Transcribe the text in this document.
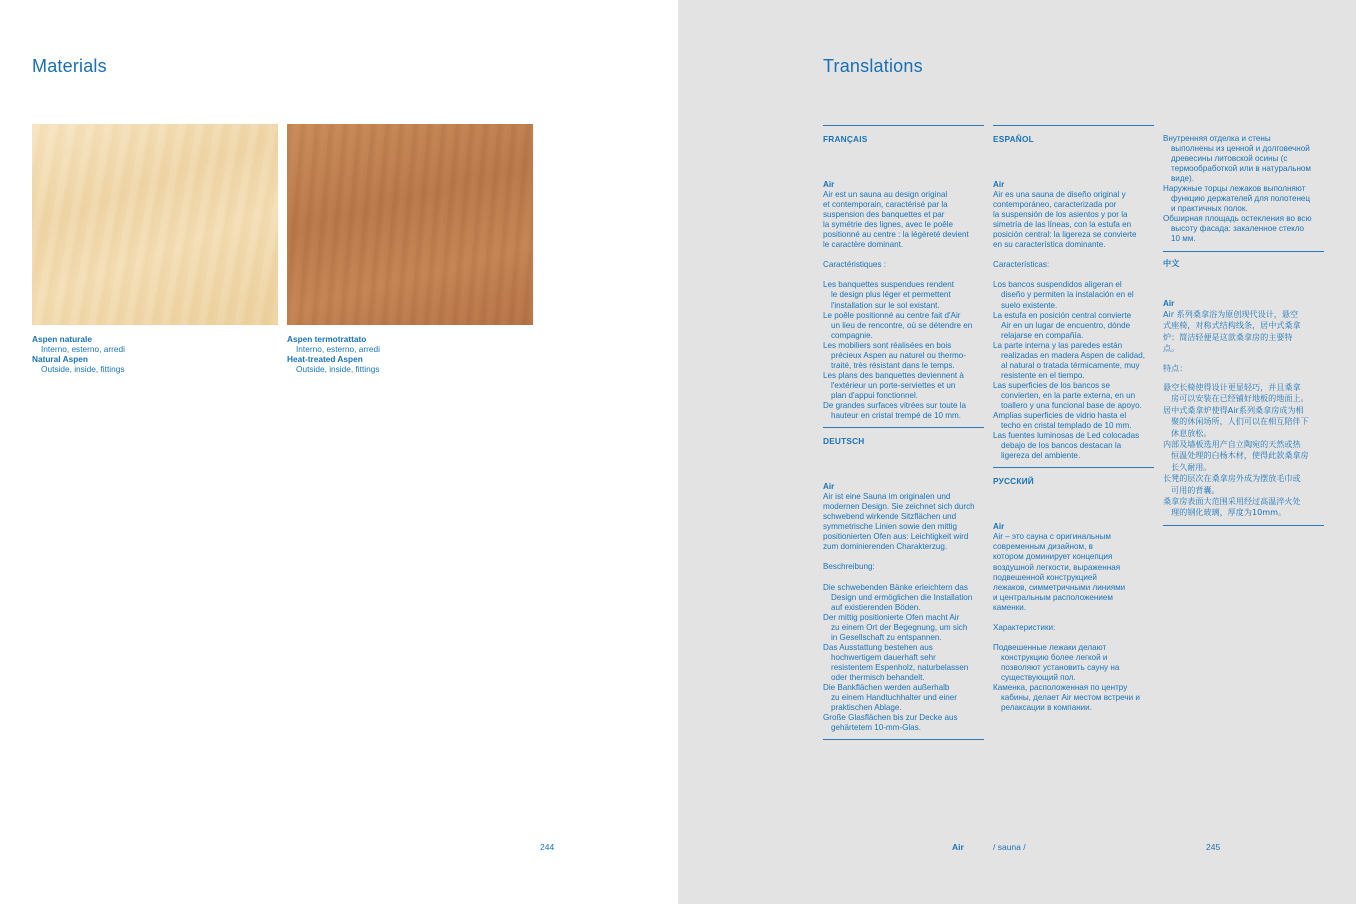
Materials
Aspen naturale
Interno, esterno, arredi
Natural Aspen
Outside, inside, fittings
Aspen termotrattato
Interno, esterno, arredi
Heat-treated Aspen
Outside, inside, fittings
244
Translations
FRANÇAIS
Air
Air est un sauna au design original
et contemporain, caractérisé par la
suspension des banquettes et par
la symétrie des lignes, avec le poêle
positionné au centre : la légèreté devient
le caractère dominant.
Caractéristiques :
Les banquettes suspendues rendent
le design plus léger et permettent
l'installation sur le sol existant.
Le poêle positionné au centre fait d'Air
un lieu de rencontre, où se détendre en
compagnie.
Les mobiliers sont réalisées en bois
précieux Aspen au naturel ou thermo-
traité, très résistant dans le temps.
Les plans des banquettes deviennent à
l'extérieur un porte-serviettes et un
plan d'appui fonctionnel.
De grandes surfaces vitrées sur toute la
hauteur en cristal trempé de 10 mm.
DEUTSCH
Air
Air ist eine Sauna im originalen und
modernen Design. Sie zeichnet sich durch
schwebend wirkende Sitzflächen und
symmetrische Linien sowie den mittig
positionierten Ofen aus: Leichtigkeit wird
zum dominierenden Charakterzug.
Beschreibung:
Die schwebenden Bänke erleichtern das
Design und ermöglichen die Installation
auf existierenden Böden.
Der mittig positionierte Ofen macht Air
zu einem Ort der Begegnung, um sich
in Gesellschaft zu entspannen.
Das Ausstattung bestehen aus
hochwertigem dauerhaft sehr
resistentem Espenholz, naturbelassen
oder thermisch behandelt.
Die Bankflächen werden außerhalb
zu einem Handtuchhalter und einer
praktischen Ablage.
Große Glasflächen bis zur Decke aus
gehärtetem 10-mm-Glas.
ESPAÑOL
Air
Air es una sauna de diseño original y
contemporáneo, caracterizada por
la suspensión de los asientos y por la
simetría de las líneas, con la estufa en
posición central: la ligereza se convierte
en su característica dominante.
Características:
Los bancos suspendidos aligeran el
diseño y permiten la instalación en el
suelo existente.
La estufa en posición central convierte
Air en un lugar de encuentro, dónde
relajarse en compañía.
La parte interna y las paredes están
realizadas en madera Aspen de calidad,
al natural o tratada térmicamente, muy
resistente en el tiempo.
Las superficies de los bancos se
convierten, en la parte externa, en un
toallero y una funcional base de apoyo.
Amplias superficies de vidrio hasta el
techo en cristal templado de 10 mm.
Las fuentes luminosas de Led colocadas
debajo de los bancos destacan la
ligereza del ambiente.
РУССКИЙ
Air
Air – это сауна с оригинальным
современным дизайном, в
котором доминирует концепция
воздушной легкости, выраженная
подвешенной конструкцией
лежаков, симметричными линиями
и центральным расположением
каменки.
Характеристики:
Подвешенные лежаки делают
конструкцию более легкой и
позволяют установить сауну на
существующий пол.
Каменка, расположенная по центру
кабины, делает Air местом встречи и
релаксации в компании.
Внутренняя отделка и стены
выполнены из ценной и долговечной
древесины литовской осины (с
термообработкой или в натуральном
виде).
Наружные торцы лежаков выполняют
функцию держателей для полотенец
и практичных полок.
Обширная площадь остекления во всю
высоту фасада: закаленное стекло
10 мм.
中文
Air
Air 系列桑拿浴为原创现代设计，悬空
式座椅，对称式结构线条，居中式桑拿
炉：简洁轻便是这款桑拿房的主要特
点。
特点：
悬空长椅使得设计更显轻巧，并且桑拿
房可以安装在已经铺好地板的地面上。
居中式桑拿炉使得Air系列桑拿房成为相
聚的休闲场所，人们可以在相互陪伴下
休息放松。
内部及墙板选用产自立陶宛的天然或热
恒温处理的白杨木材，使得此款桑拿房
长久耐用。
长凳的层次在桑拿房外成为摆放毛巾或
可用的背囊。
桑拿房表面大范围采用经过高温淬火处
理的钢化玻璃，厚度为10mm。
Air	/ sauna /	245
